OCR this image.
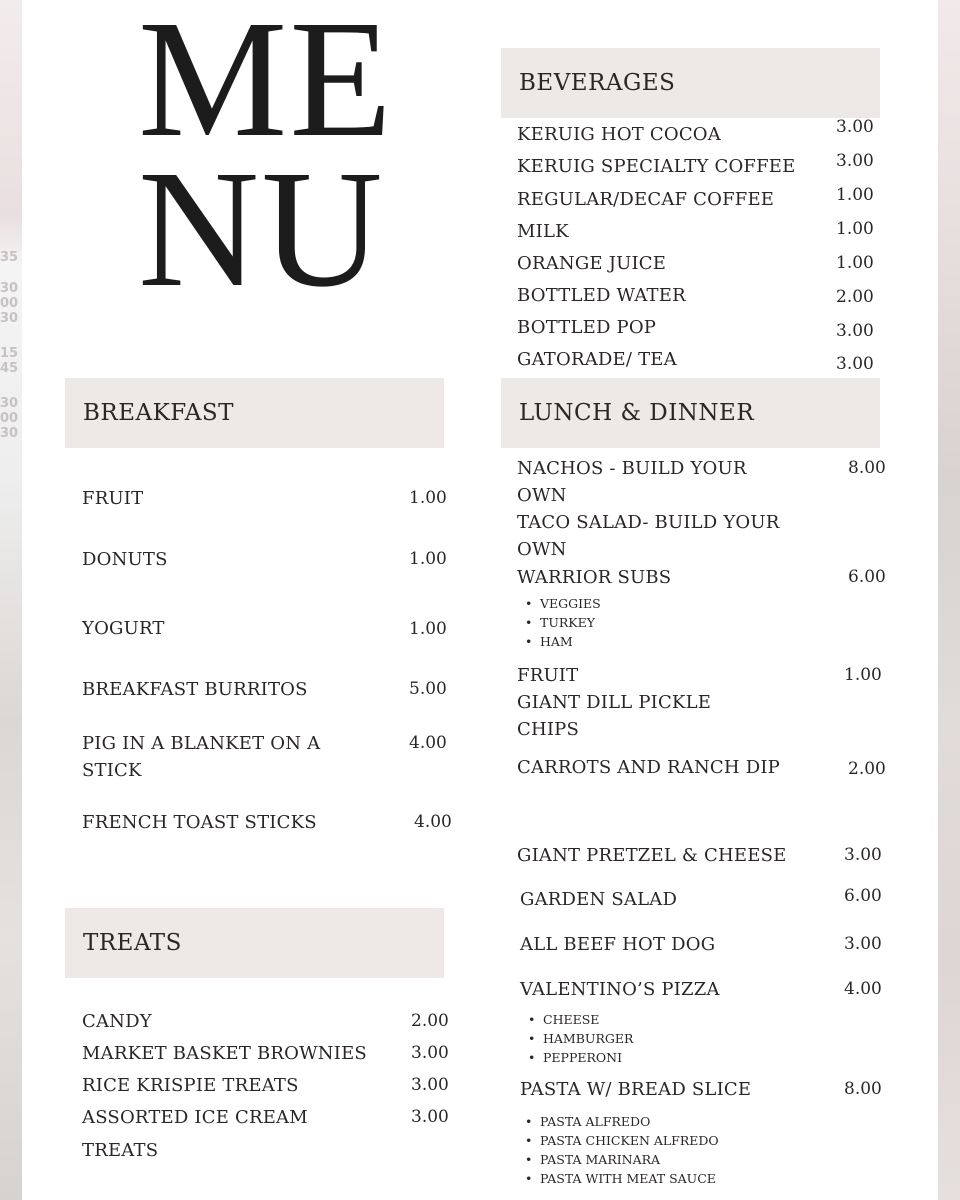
35
30
00
30
15
45
30
00
30
ME
NU
BEVERAGES
KERUIG HOT COCOA	3.00
KERUIG SPECIALTY COFFEE 3.00
REGULAR/DECAF COFFEE	1.00
MILK	1.00
ORANGE JUICE	1.00
BOTTLED WATER	2.00
BOTTLED POP	3.00
GATORADE/ TEA	3.00
BREAKFAST
FRUIT	1.00
DONUTS	1.00
YOGURT	1.00
BREAKFAST BURRITOS	5.00
PIG IN A BLANKET ON A
STICK
4.00
FRENCH TOAST STICKS	4.00
TREATS
CANDY	2.00
MARKET BASKET BROWNIES	3.00
RICE KRISPIE TREATS	3.00
ASSORTED ICE CREAM
TREATS
3.00
LUNCH & DINNER
NACHOS - BUILD YOUR
OWN
8.00
TACO SALAD- BUILD YOUR
OWN
WARRIOR SUBS	6.00
• VEGGIES
• TURKEY
• HAM
FRUIT	1.00
GIANT DILL PICKLE
CHIPS
CARROTS AND RANCH DIP	2.00
GIANT PRETZEL & CHEESE	3.00
GARDEN SALAD	6.00
ALL BEEF HOT DOG	3.00
VALENTINO’S PIZZA	4.00
• CHEESE
• HAMBURGER
• PEPPERONI
PASTA W/ BREAD SLICE	8.00
• PASTA ALFREDO
• PASTA CHICKEN ALFREDO
• PASTA MARINARA
• PASTA WITH MEAT SAUCE
